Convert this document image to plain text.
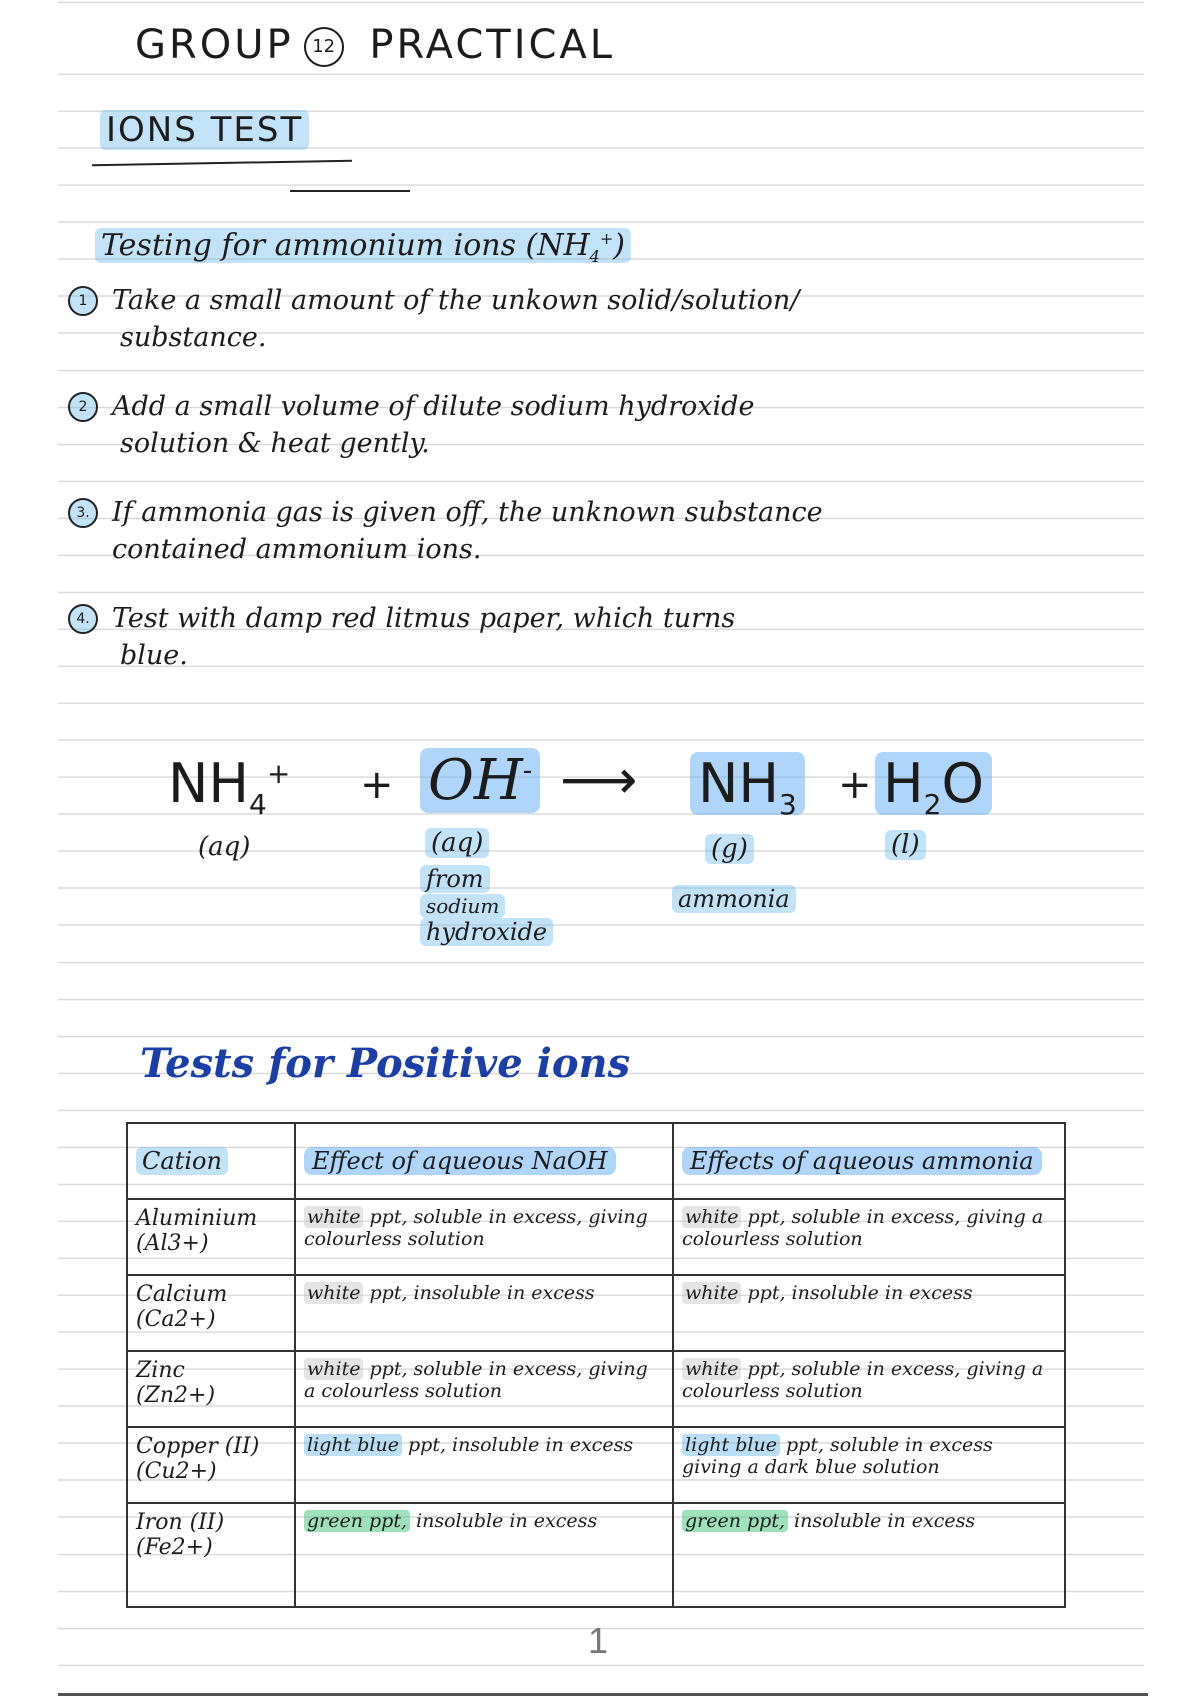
GROUP 12 PRACTICAL
IONS TEST
Testing for ammonium ions $(NH_4^+)$
1 Take a small amount of the unkown solid/solution/
substance.
2 Add a small volume of dilute sodium hydroxide
solution & heat gently.
3. If ammonia gas is given off, the unknown substance
contained ammonium ions.
4. Test with damp red litmus paper, which turns
blue.
$NH_4^+ + OH^-$ ⟶ $NH_3 + H_2O$
(aq)	(aq)	(g)	(l)
from
sodium
hydroxide
ammonia
Tests for Positive ions
Cation	Effect of aqueous NaOH	Effects of aqueous ammonia
Aluminium
(Al3+)	white ppt, soluble in excess, giving colourless solution	white ppt, soluble in excess, giving a colourless solution
Calcium
(Ca2+)	white ppt, insoluble in excess	white ppt, insoluble in excess
Zinc
(Zn2+)	white ppt, soluble in excess, giving a colourless solution	white ppt, soluble in excess, giving a colourless solution
Copper (II)
(Cu2+)	light blue ppt, insoluble in excess	light blue ppt, soluble in excess giving a dark blue solution
Iron (II)
(Fe2+)	green ppt, insoluble in excess	green ppt, insoluble in excess
1
